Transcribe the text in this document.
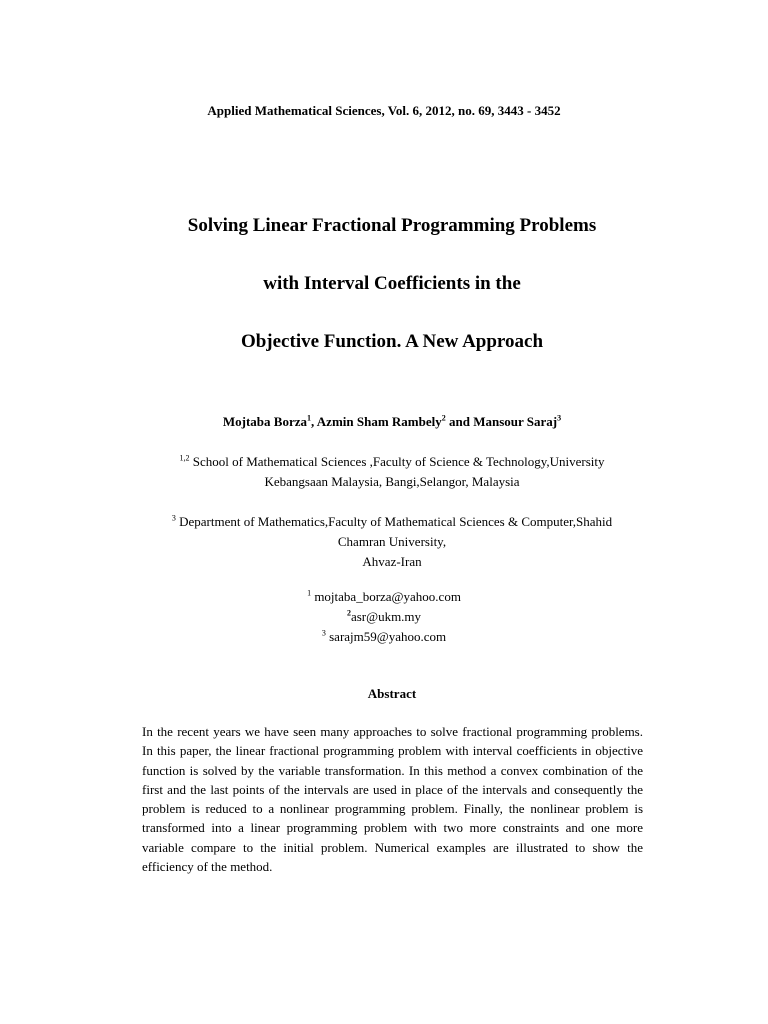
Applied Mathematical Sciences, Vol. 6, 2012, no. 69, 3443 - 3452
Solving Linear Fractional Programming Problems
with Interval Coefficients in the
Objective Function. A New Approach
Mojtaba Borza$^1$, Azmin Sham Rambely$^2$ and Mansour Saraj$^3$
$^{1,2}$ School of Mathematical Sciences ,Faculty of Science & Technology,University
Kebangsaan Malaysia, Bangi,Selangor, Malaysia
$^3$ Department of Mathematics,Faculty of Mathematical Sciences & Computer,Shahid
Chamran University,
Ahvaz-Iran
$^1$ mojtaba_borza@yahoo.com
$^2$asr@ukm.my
$^3$ sarajm59@yahoo.com
Abstract
In the recent years we have seen many approaches to solve fractional programming problems. In this paper, the linear fractional programming problem with interval coefficients in objective function is solved by the variable transformation. In this method a convex combination of the first and the last points of the intervals are used in place of the intervals and consequently the problem is reduced to a nonlinear programming problem. Finally, the nonlinear problem is transformed into a linear programming problem with two more constraints and one more variable compare to the initial problem. Numerical examples are illustrated to show the efficiency of the method.
